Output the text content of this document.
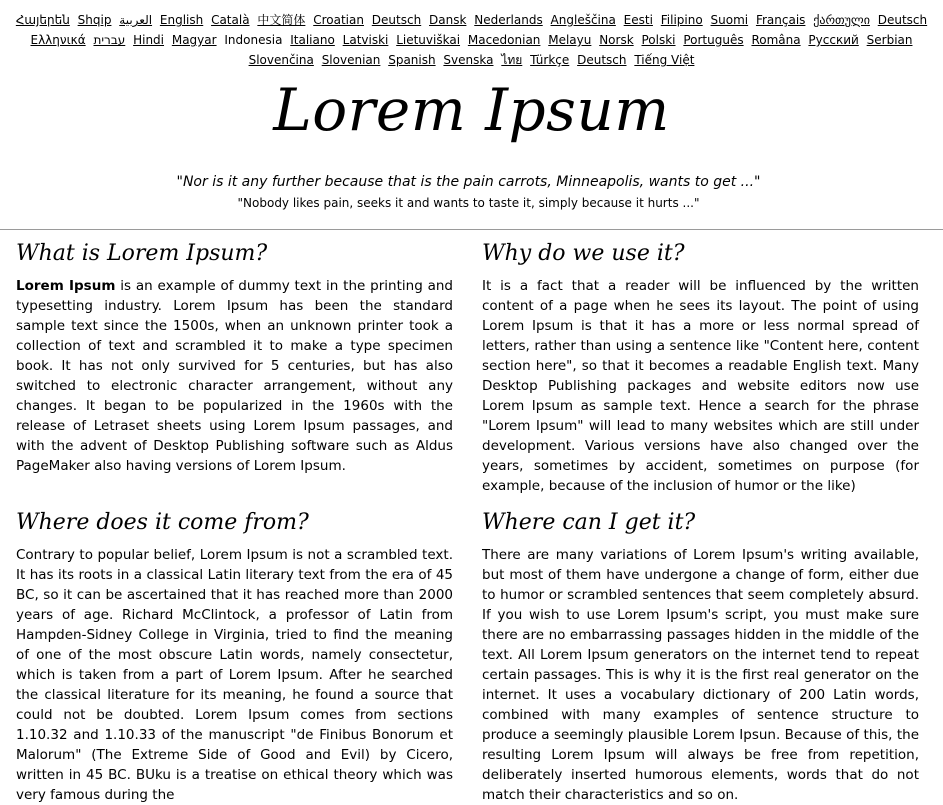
Հայերեն Shqip العربية English Català 中文简体 Croatian Deutsch Dansk Nederlands Angleščina Eesti Filipino Suomi Français ქართული Deutsch Ελληνικά עברית Hindi Magyar Indonesia Italiano Latviski Lietuviškai Macedonian Melayu Norsk Polski Português Româna Pyccкий Serbian Slovenčina Slovenian Spanish Svenska ไทย Türkçe Deutsch Tiếng Việt
Lorem Ipsum

"Nor is it any further because that is the pain carrots, Minneapolis, wants to get ..."

"Nobody likes pain, seeks it and wants to taste it, simply because it hurts ..."

What is Lorem Ipsum?

Lorem Ipsum is an example of dummy text in the printing and typesetting industry. Lorem Ipsum has been the standard sample text since the 1500s, when an unknown printer took a collection of text and scrambled it to make a type specimen book. It has not only survived for 5 centuries, but has also switched to electronic character arrangement, without any changes. It began to be popularized in the 1960s with the release of Letraset sheets using Lorem Ipsum passages, and with the advent of Desktop Publishing software such as Aldus PageMaker also having versions of Lorem Ipsum.

Why do we use it?

It is a fact that a reader will be influenced by the written content of a page when he sees its layout. The point of using Lorem Ipsum is that it has a more or less normal spread of letters, rather than using a sentence like "Content here, content section here", so that it becomes a readable English text. Many Desktop Publishing packages and website editors now use Lorem Ipsum as sample text. Hence a search for the phrase "Lorem Ipsum" will lead to many websites which are still under development. Various versions have also changed over the years, sometimes by accident, sometimes on purpose (for example, because of the inclusion of humor or the like)

Where does it come from?

Contrary to popular belief, Lorem Ipsum is not a scrambled text. It has its roots in a classical Latin literary text from the era of 45 BC, so it can be ascertained that it has reached more than 2000 years of age. Richard McClintock, a professor of Latin from Hampden-Sidney College in Virginia, tried to find the meaning of one of the most obscure Latin words, namely consectetur, which is taken from a part of Lorem Ipsum. After he searched the classical literature for its meaning, he found a source that could not be doubted. Lorem Ipsum comes from sections 1.10.32 and 1.10.33 of the manuscript "de Finibus Bonorum et Malorum" (The Extreme Side of Good and Evil) by Cicero, written in 45 BC. BUku is a treatise on ethical theory which was very famous during the

Where can I get it?

There are many variations of Lorem Ipsum's writing available, but most of them have undergone a change of form, either due to humor or scrambled sentences that seem completely absurd. If you wish to use Lorem Ipsum's script, you must make sure there are no embarrassing passages hidden in the middle of the text. All Lorem Ipsum generators on the internet tend to repeat certain passages. This is why it is the first real generator on the internet. It uses a vocabulary dictionary of 200 Latin words, combined with many examples of sentence structure to produce a seemingly plausible Lorem Ipsun. Because of this, the resulting Lorem Ipsum will always be free from repetition, deliberately inserted humorous elements, words that do not match their characteristics and so on.
